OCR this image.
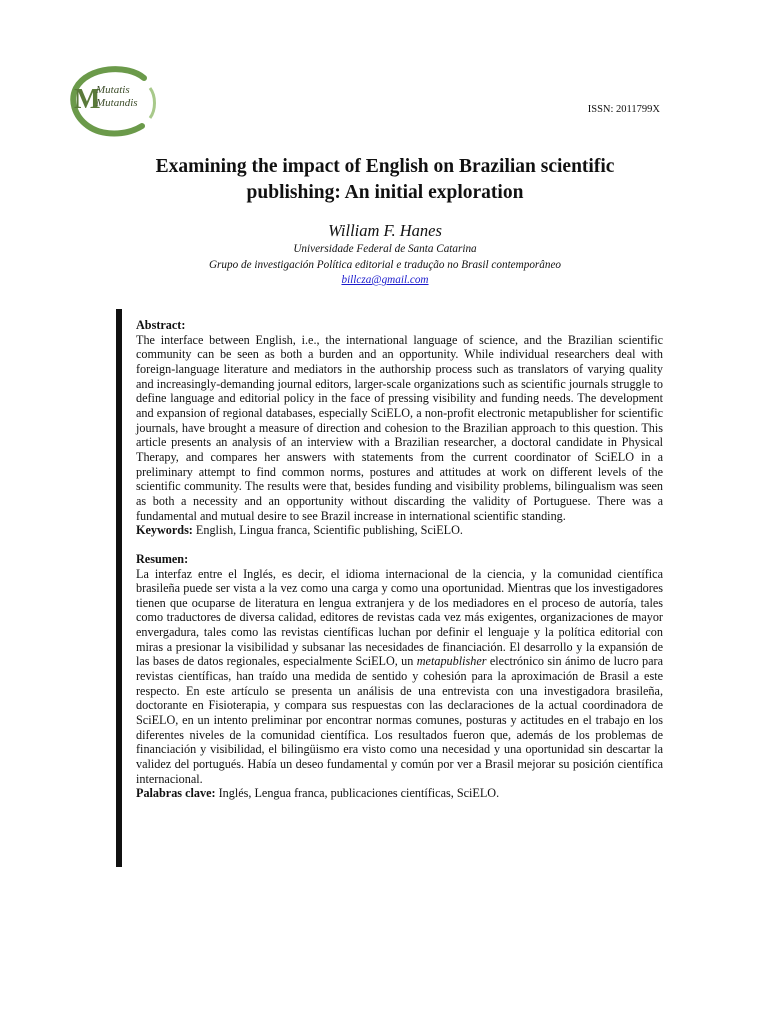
M
Mutatis
Mutandis
ISSN: 2011799X
Examining the impact of English on Brazilian scientific
publishing: An initial exploration
William F. Hanes
Universidade Federal de Santa Catarina
Grupo de investigación Política editorial e tradução no Brasil contemporâneo
billcza@gmail.com

Abstract:

The interface between English, i.e., the international language of science, and the Brazilian scientific community can be seen as both a burden and an opportunity. While individual researchers deal with foreign-language literature and mediators in the authorship process such as translators of varying quality and increasingly-demanding journal editors, larger-scale organizations such as scientific journals struggle to define language and editorial policy in the face of pressing visibility and funding needs. The development and expansion of regional databases, especially SciELO, a non-profit electronic metapublisher for scientific journals, have brought a measure of direction and cohesion to the Brazilian approach to this question. This article presents an analysis of an interview with a Brazilian researcher, a doctoral candidate in Physical Therapy, and compares her answers with statements from the current coordinator of SciELO in a preliminary attempt to find common norms, postures and attitudes at work on different levels of the scientific community. The results were that, besides funding and visibility problems, bilingualism was seen as both a necessity and an opportunity without discarding the validity of Portuguese. There was a fundamental and mutual desire to see Brazil increase in international scientific standing.

Keywords: English, Lingua franca, Scientific publishing, SciELO.

Resumen:

La interfaz entre el Inglés, es decir, el idioma internacional de la ciencia, y la comunidad científica brasileña puede ser vista a la vez como una carga y como una oportunidad. Mientras que los investigadores tienen que ocuparse de literatura en lengua extranjera y de los mediadores en el proceso de autoría, tales como traductores de diversa calidad, editores de revistas cada vez más exigentes, organizaciones de mayor envergadura, tales como las revistas científicas luchan por definir el lenguaje y la política editorial con miras a presionar la visibilidad y subsanar las necesidades de financiación. El desarrollo y la expansión de las bases de datos regionales, especialmente SciELO, un metapublisher electrónico sin ánimo de lucro para revistas científicas, han traído una medida de sentido y cohesión para la aproximación de Brasil a este respecto. En este artículo se presenta un análisis de una entrevista con una investigadora brasileña, doctorante en Fisioterapia, y compara sus respuestas con las declaraciones de la actual coordinadora de SciELO, en un intento preliminar por encontrar normas comunes, posturas y actitudes en el trabajo en los diferentes niveles de la comunidad científica. Los resultados fueron que, además de los problemas de financiación y visibilidad, el bilingüismo era visto como una necesidad y una oportunidad sin descartar la validez del portugués. Había un deseo fundamental y común por ver a Brasil mejorar su posición científica internacional.

Palabras clave: Inglés, Lengua franca, publicaciones científicas, SciELO.
